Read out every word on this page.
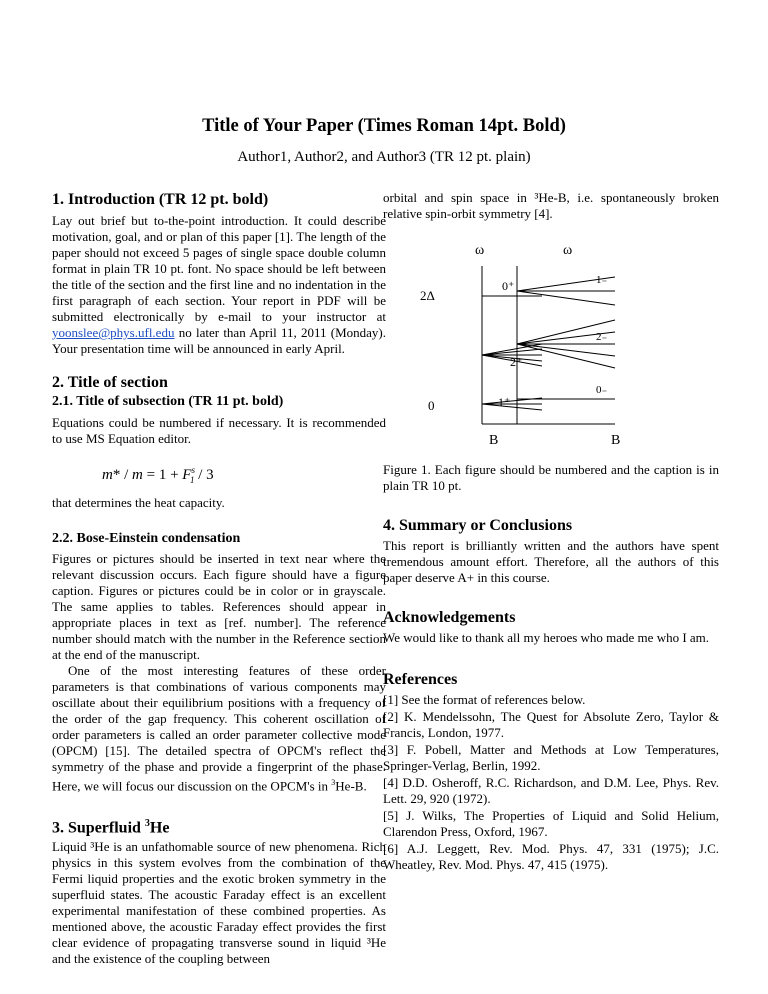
Title of Your Paper (Times Roman 14pt. Bold)
Author1, Author2, and Author3 (TR 12 pt. plain)
1. Introduction (TR 12 pt. bold)

Lay out brief but to-the-point introduction. It could describe motivation, goal, and or plan of this paper [1]. The length of the paper should not exceed 5 pages of single space double column format in plain TR 10 pt. font. No space should be left between the title of the section and the first line and no indentation in the first paragraph of each section. Your report in PDF will be submitted electronically by e-mail to your instructor at yoonslee@phys.ufl.edu no later than April 11, 2011 (Monday). Your presentation time will be announced in early April.

2. Title of section
2.1. Title of subsection (TR 11 pt. bold)

Equations could be numbered if necessary. It is recommended to use MS Equation editor.

$m* / m = 1 + F^s_1 / 3$

that determines the heat capacity.

2.2. Bose-Einstein condensation

Figures or pictures should be inserted in text near where the relevant discussion occurs. Each figure should have a figure caption. Figures or pictures could be in color or in grayscale. The same applies to tables. References should appear in appropriate places in text as [ref. number]. The reference number should match with the number in the Reference section at the end of the manuscript.

One of the most interesting features of these order parameters is that combinations of various components may oscillate about their equilibrium positions with a frequency of the order of the gap frequency. This coherent oscillation of order parameters is called an order parameter collective mode (OPCM) [15]. The detailed spectra of OPCM's reflect the symmetry of the phase and provide a fingerprint of the phase. Here, we will focus our discussion on the OPCM's in $^3$He-B.

3. Superfluid $^3$He

Liquid ³He is an unfathomable source of new phenomena. Rich physics in this system evolves from the combination of the Fermi liquid properties and the exotic broken symmetry in the superfluid states. The acoustic Faraday effect is an excellent experimental manifestation of these combined properties. As mentioned above, the acoustic Faraday effect provides the first clear evidence of propagating transverse sound in liquid ³He and the existence of the coupling between

orbital and spin space in ³He-B, i.e. spontaneously broken relative spin-orbit symmetry [4].

ω	ω
2Δ
0
0⁺
2⁺
1⁺
1₋
2₋
0₋
B	B

Figure 1. Each figure should be numbered and the caption is in plain TR 10 pt.

4. Summary or Conclusions

This report is brilliantly written and the authors have spent tremendous amount effort. Therefore, all the authors of this paper deserve A+ in this course.

Acknowledgements

We would like to thank all my heroes who made me who I am.

References

[1] See the format of references below.

[2] K. Mendelssohn, The Quest for Absolute Zero, Taylor & Francis, London, 1977.

[3] F. Pobell, Matter and Methods at Low Temperatures, Springer-Verlag, Berlin, 1992.

[4] D.D. Osheroff, R.C. Richardson, and D.M. Lee, Phys. Rev. Lett. 29, 920 (1972).

[5] J. Wilks, The Properties of Liquid and Solid Helium, Clarendon Press, Oxford, 1967.

[6] A.J. Leggett, Rev. Mod. Phys. 47, 331 (1975); J.C. Wheatley, Rev. Mod. Phys. 47, 415 (1975).
